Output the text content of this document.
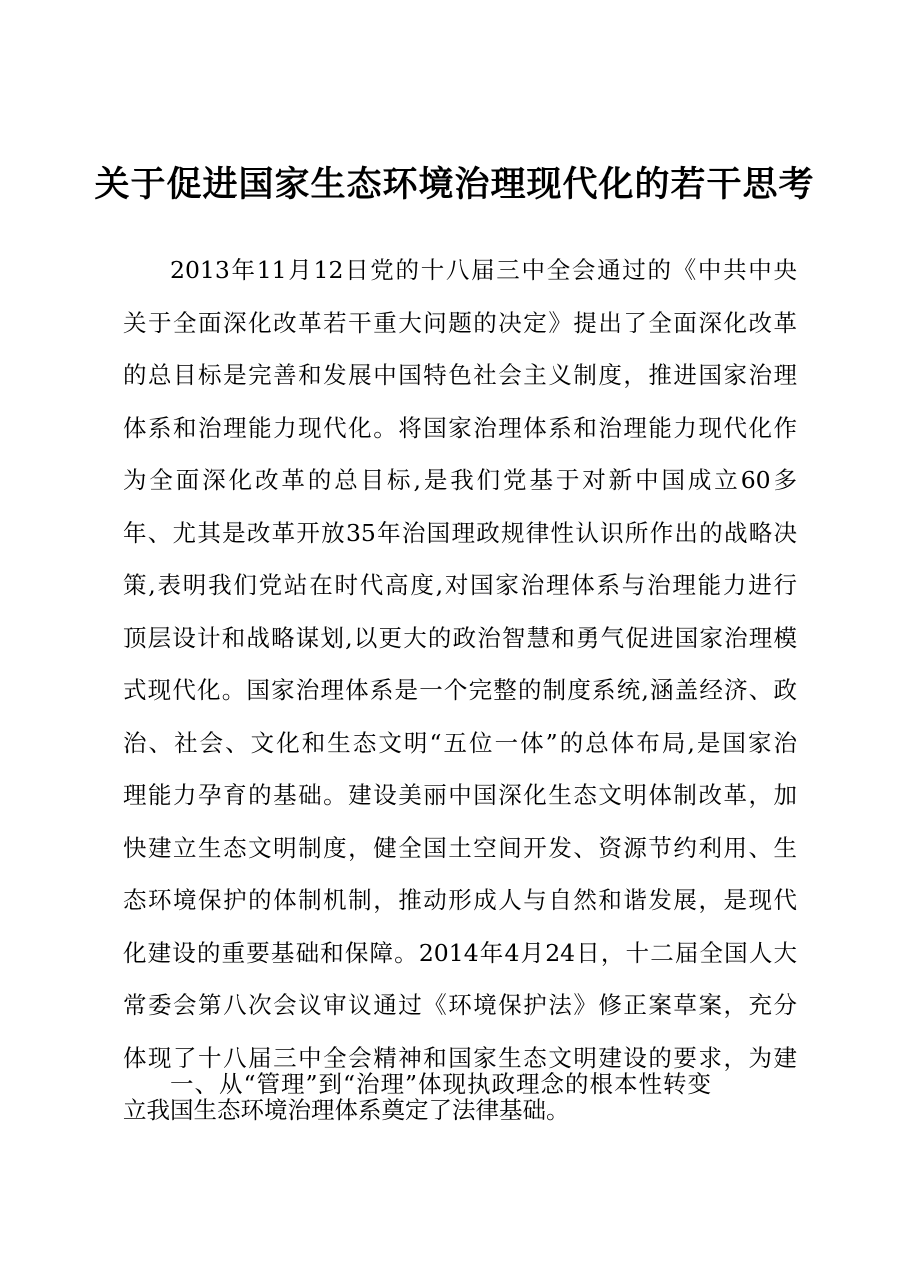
关于促进国家生态环境治理现代化的若干思考
2013年11月12日党的十八届三中全会通过的《中共中央
关于全面深化改革若干重大问题的决定》提出了全面深化改革
的总目标是完善和发展中国特色社会主义制度，推进国家治理
体系和治理能力现代化。将国家治理体系和治理能力现代化作
为全面深化改革的总目标,是我们党基于对新中国成立60多
年、尤其是改革开放35年治国理政规律性认识所作出的战略决
策,表明我们党站在时代高度,对国家治理体系与治理能力进行
顶层设计和战略谋划,以更大的政治智慧和勇气促进国家治理模
式现代化。国家治理体系是一个完整的制度系统,涵盖经济、政
治、社会、文化和生态文明“五位一体”的总体布局,是国家治
理能力孕育的基础。建设美丽中国深化生态文明体制改革，加
快建立生态文明制度，健全国土空间开发、资源节约利用、生
态环境保护的体制机制，推动形成人与自然和谐发展，是现代
化建设的重要基础和保障。2014年4月24日，十二届全国人大
常委会第八次会议审议通过《环境保护法》修正案草案，充分
体现了十八届三中全会精神和国家生态文明建设的要求，为建
立我国生态环境治理体系奠定了法律基础。
一、从“管理”到“治理”体现执政理念的根本性转变
